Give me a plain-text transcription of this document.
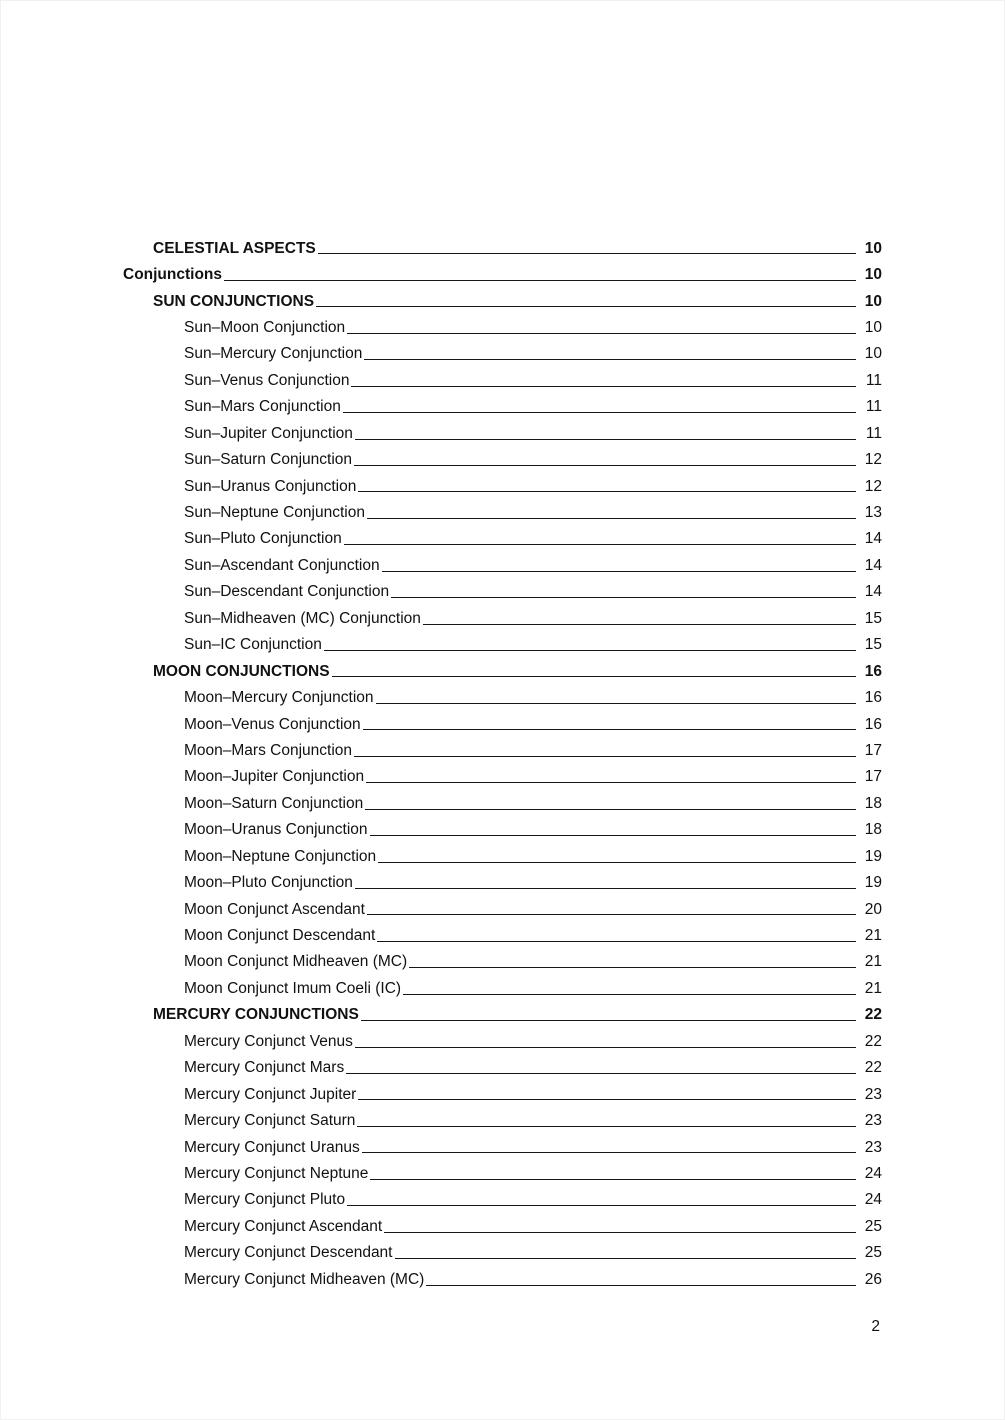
CELESTIAL ASPECTS	10
Conjunctions	10
SUN CONJUNCTIONS	10
Sun–Moon Conjunction	10
Sun–Mercury Conjunction	10
Sun–Venus Conjunction	11
Sun–Mars Conjunction	11
Sun–Jupiter Conjunction	11
Sun–Saturn Conjunction	12
Sun–Uranus Conjunction	12
Sun–Neptune Conjunction	13
Sun–Pluto Conjunction	14
Sun–Ascendant Conjunction	14
Sun–Descendant Conjunction	14
Sun–Midheaven (MC) Conjunction	15
Sun–IC Conjunction	15
MOON CONJUNCTIONS	16
Moon–Mercury Conjunction	16
Moon–Venus Conjunction	16
Moon–Mars Conjunction	17
Moon–Jupiter Conjunction	17
Moon–Saturn Conjunction	18
Moon–Uranus Conjunction	18
Moon–Neptune Conjunction	19
Moon–Pluto Conjunction	19
Moon Conjunct Ascendant	20
Moon Conjunct Descendant	21
Moon Conjunct Midheaven (MC)	21
Moon Conjunct Imum Coeli (IC)	21
MERCURY CONJUNCTIONS	22
Mercury Conjunct Venus	22
Mercury Conjunct Mars	22
Mercury Conjunct Jupiter	23
Mercury Conjunct Saturn	23
Mercury Conjunct Uranus	23
Mercury Conjunct Neptune	24
Mercury Conjunct Pluto	24
Mercury Conjunct Ascendant	25
Mercury Conjunct Descendant	25
Mercury Conjunct Midheaven (MC)	26
2
